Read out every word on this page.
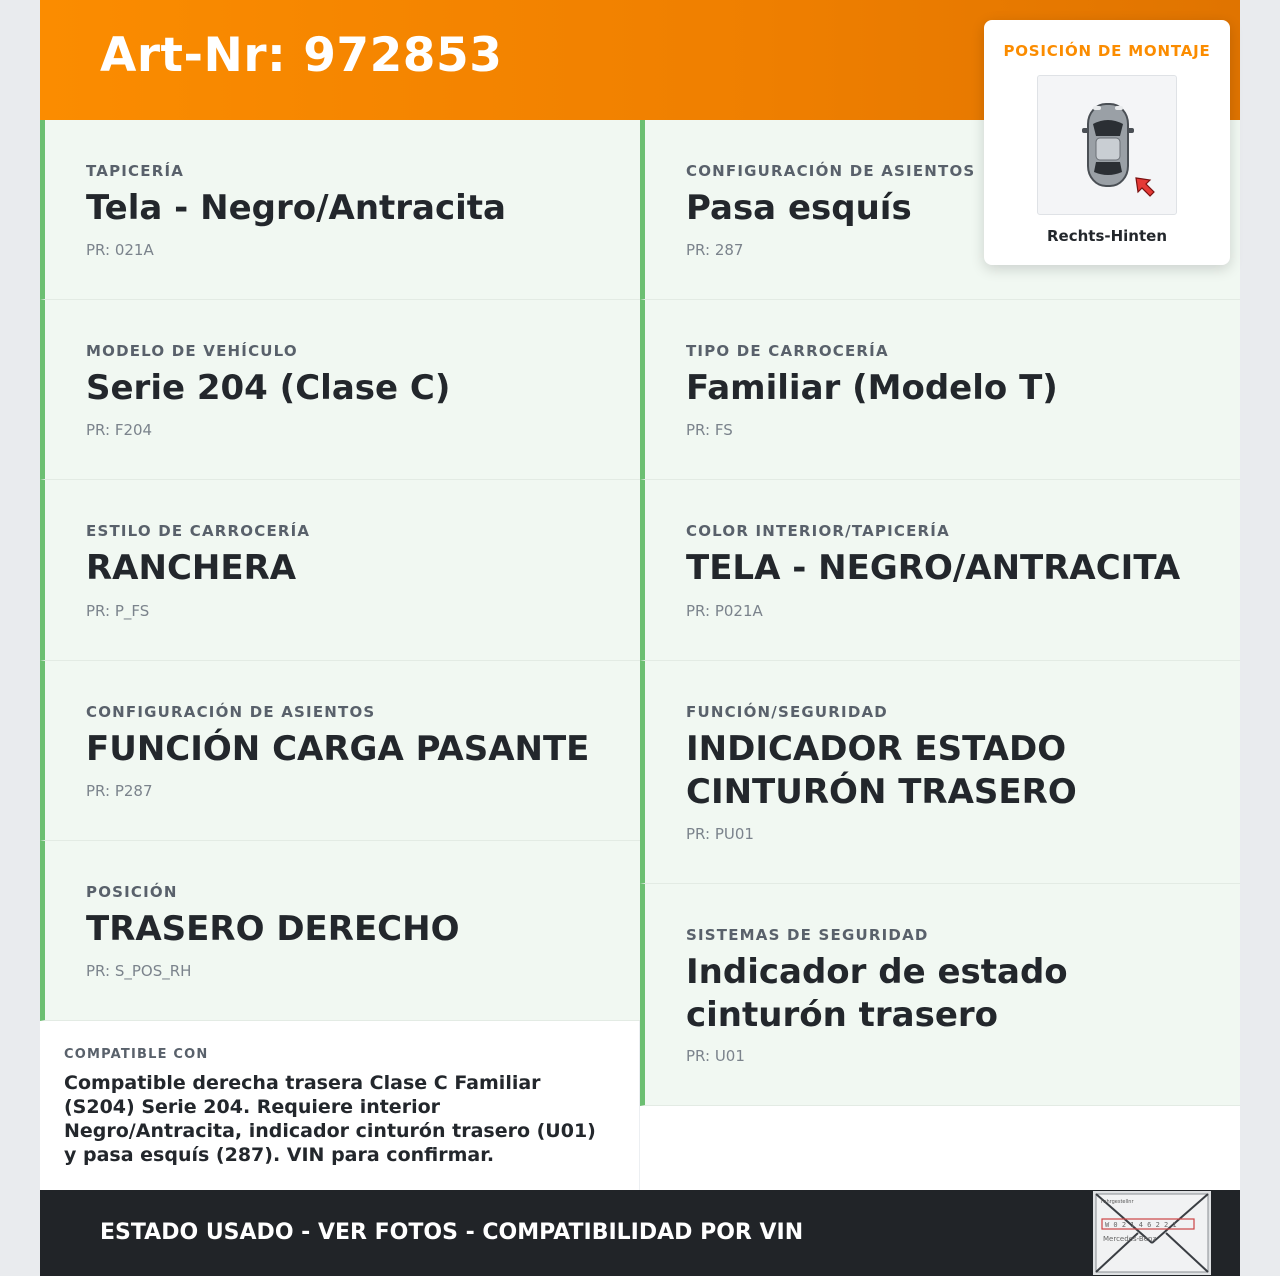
Art-Nr: 972853
TAPICERÍA
Tela - Negro/Antracita
PR: 021A
MODELO DE VEHÍCULO
Serie 204 (Clase C)
PR: F204
ESTILO DE CARROCERÍA
RANCHERA
PR: P_FS
CONFIGURACIÓN DE ASIENTOS
FUNCIÓN CARGA PASANTE
PR: P287
POSICIÓN
TRASERO DERECHO
PR: S_POS_RH
COMPATIBLE CON
Compatible derecha trasera Clase C Familiar (S204) Serie 204. Requiere interior Negro/Antracita, indicador cinturón trasero (U01) y pasa esquís (287). VIN para confirmar.
CONFIGURACIÓN DE ASIENTOS
Pasa esquís
PR: 287
TIPO DE CARROCERÍA
Familiar (Modelo T)
PR: FS
COLOR INTERIOR/TAPICERÍA
TELA - NEGRO/ANTRACITA
PR: P021A
FUNCIÓN/SEGURIDAD
INDICADOR ESTADO CINTURÓN TRASERO
PR: PU01
SISTEMAS DE SEGURIDAD
Indicador de estado cinturón trasero
PR: U01
ESTADO USADO - VER FOTOS - COMPATIBILIDAD POR VIN
Fahrgestellnr
W 0 2 1 4 6 2 2 1
Mercedes-Benz
POSICIÓN DE MONTAJE
Rechts-Hinten
